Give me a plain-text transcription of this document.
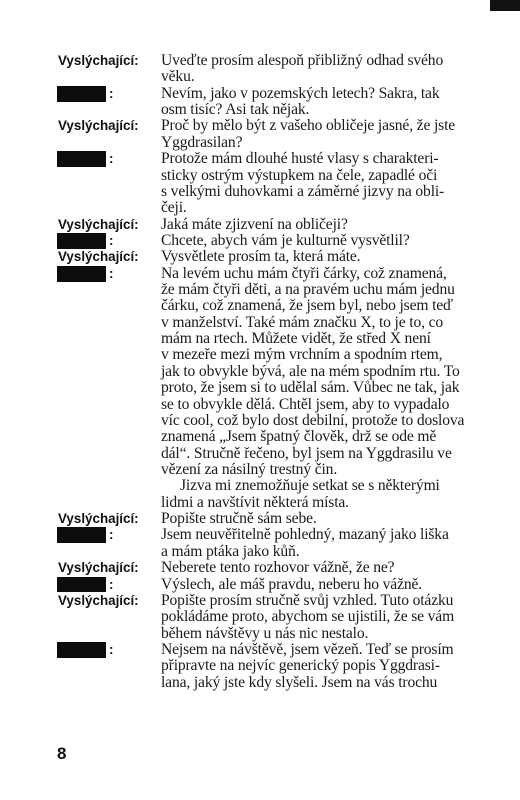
Vyslýchající: Uveďte prosím alespoň přibližný odhad svého
věku.
:	Nevím, jako v pozemských letech? Sakra, tak
osm tisíc? Asi tak nějak.
Vyslýchající: Proč by mělo být z vašeho obličeje jasné, že jste
Yggdrasilan?
:	Protože mám dlouhé husté vlasy s charakteri-
sticky ostrým výstupkem na čele, zapadlé oči
s velkými duhovkami a záměrné jizvy na obli-
čeji.
Vyslýchající: Jaká máte zjizvení na obličeji?
:	Chcete, abych vám je kulturně vysvětlil?
Vyslýchající: Vysvětlete prosím ta, která máte.
:	Na levém uchu mám čtyři čárky, což znamená,
že mám čtyři děti, a na pravém uchu mám jednu
čárku, což znamená, že jsem byl, nebo jsem teď
v manželství. Také mám značku X, to je to, co
mám na rtech. Můžete vidět, že střed X není
v mezeře mezi mým vrchním a spodním rtem,
jak to obvykle bývá, ale na mém spodním rtu. To
proto, že jsem si to udělal sám. Vůbec ne tak, jak
se to obvykle dělá. Chtěl jsem, aby to vypadalo
víc cool, což bylo dost debilní, protože to doslova
znamená „Jsem špatný člověk, drž se ode mě
dál“. Stručně řečeno, byl jsem na Yggdrasilu ve
vězení za násilný trestný čin.
Jizva mi znemožňuje setkat se s některými
lidmi a navštívit některá místa.
Vyslýchající: Popište stručně sám sebe.
:	Jsem neuvěřitelně pohledný, mazaný jako liška
a mám ptáka jako kůň.
Vyslýchající: Neberete tento rozhovor vážně, že ne?
:	Výslech, ale máš pravdu, neberu ho vážně.
Vyslýchající: Popište prosím stručně svůj vzhled. Tuto otázku
pokládáme proto, abychom se ujistili, že se vám
během návštěvy u nás nic nestalo.
:	Nejsem na návštěvě, jsem vězeň. Teď se prosím
připravte na nejvíc generický popis Yggdrasi-
lana, jaký jste kdy slyšeli. Jsem na vás trochu
8
